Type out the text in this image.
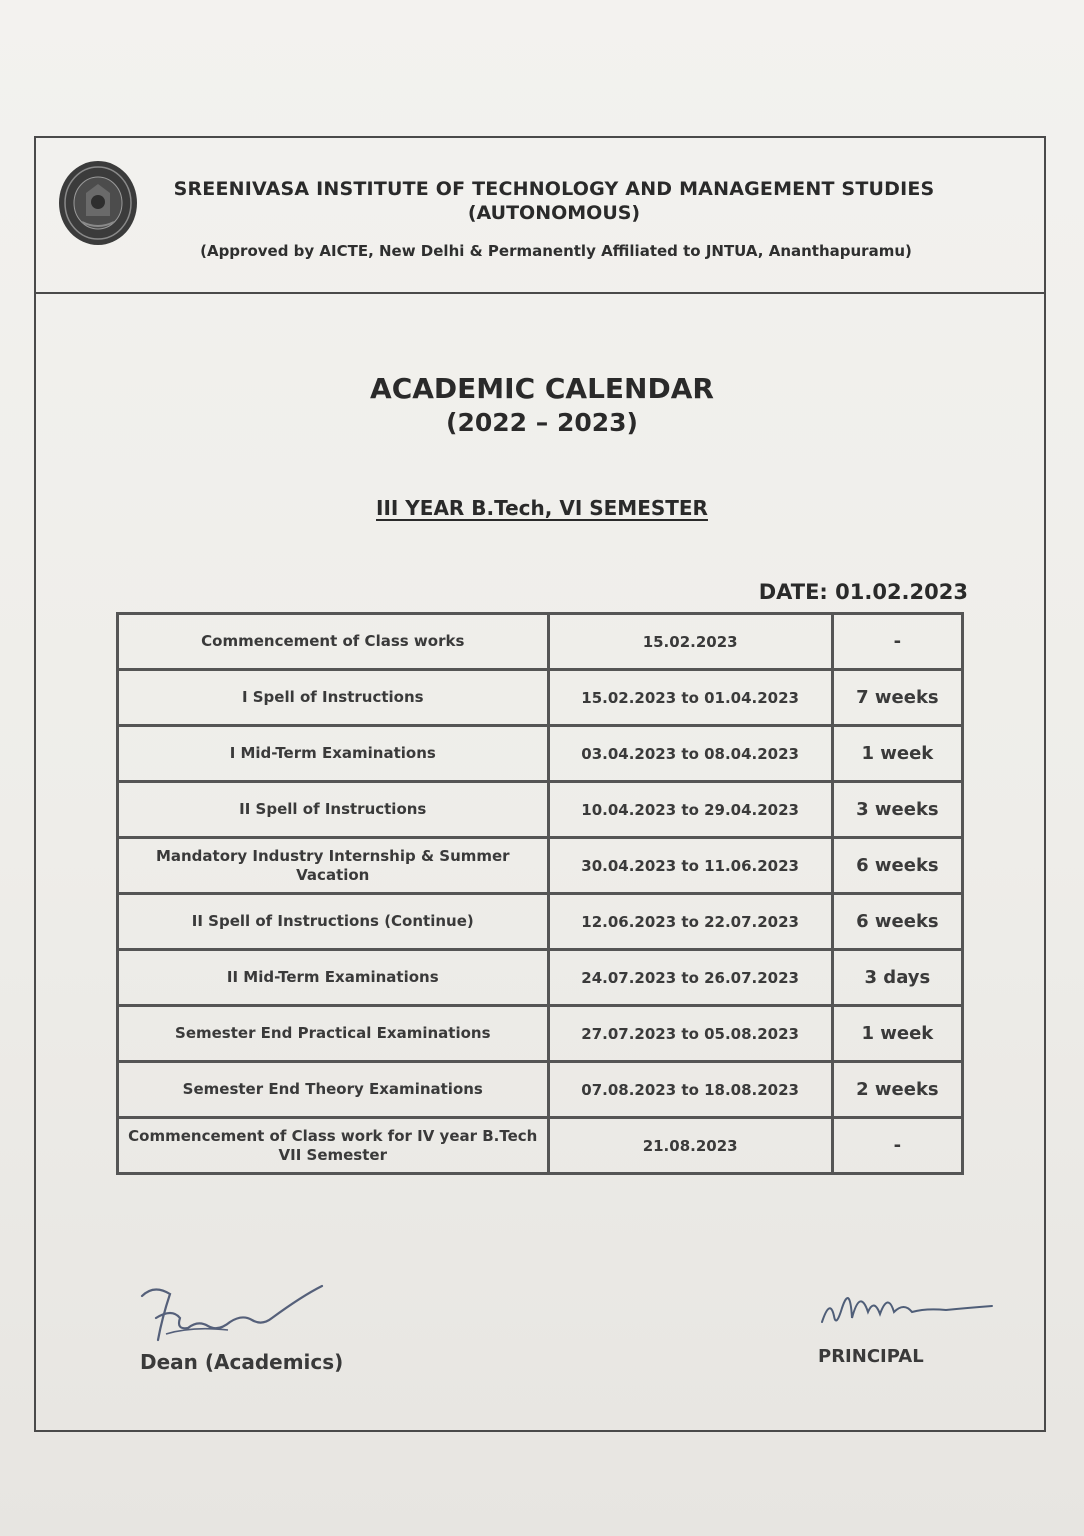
SREENIVASA INSTITUTE OF TECHNOLOGY AND MANAGEMENT STUDIES
(AUTONOMOUS)
(Approved by AICTE, New Delhi & Permanently Affiliated to JNTUA, Ananthapuramu)
ACADEMIC CALENDAR
(2022 – 2023)
III YEAR B.Tech, VI SEMESTER
DATE: 01.02.2023
Commencement of Class works	15.02.2023	-
I Spell of Instructions	15.02.2023 to 01.04.2023	7 weeks
I Mid-Term Examinations	03.04.2023 to 08.04.2023	1 week
II Spell of Instructions	10.04.2023 to 29.04.2023	3 weeks
Mandatory Industry Internship & Summer Vacation	30.04.2023 to 11.06.2023	6 weeks
II Spell of Instructions (Continue)	12.06.2023 to 22.07.2023	6 weeks
II Mid-Term Examinations	24.07.2023 to 26.07.2023	3 days
Semester End Practical Examinations	27.07.2023 to 05.08.2023	1 week
Semester End Theory Examinations	07.08.2023 to 18.08.2023	2 weeks
Commencement of Class work for IV year B.Tech VII Semester	21.08.2023	-
Dean (Academics)	PRINCIPAL
